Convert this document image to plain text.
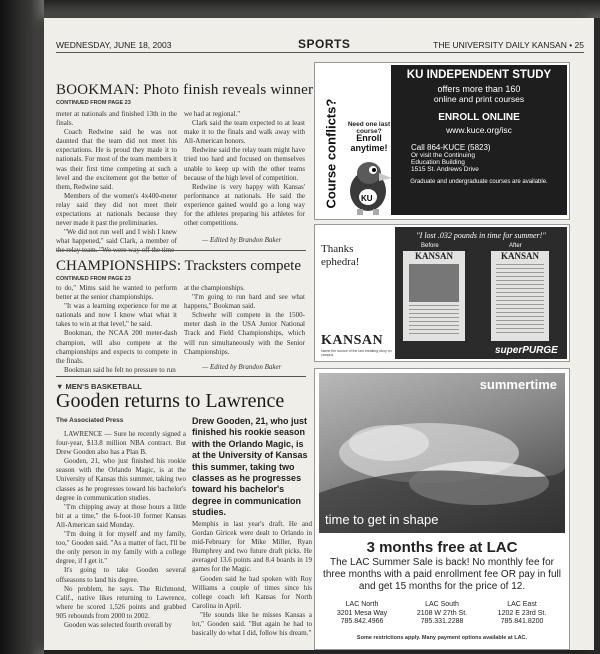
WEDNESDAY, JUNE 18, 2003	SPORTS	THE UNIVERSITY DAILY KANSAN • 25
BOOKMAN: Photo finish reveals winner
CONTINUED FROM PAGE 23

meter at nationals and finished 13th in the finals.

Coach Redwine said he was not daunted that the team did not meet his expectations. He is proud they made it to nationals. For most of the team members it was their first time competing at such a level and the excitement got the better of them, Redwine said.

Members of the women's 4x400-meter relay said they did not meet their expectations at nationals because they never made it past the preliminaries.

"We did not run well and I wish I knew what happened," said Clark, a member of

we had at regional."

Clark said the team expected to at least make it to the finals and walk away with All-American honors.

Redwine said the relay team might have tried too hard and focused on themselves unable to keep up with the other teams because of the high level of competition.

Redwine is very happy with Kansas' performance at nationals. He said the experience gained would go a long way for the athletes preparing his athletes for other competitions.

— Edited by Brandon Baker

CHAMPIONSHIPS: Tracksters compete
CONTINUED FROM PAGE 23

to do," Mims said he wanted to perform better at the senior championships.

"It was a learning experience for me at nationals and now I know what what it takes to win at that level," he said.

Bookman, the NCAA 200 meter-dash champion, will also compete at the championships and expects to compete in the finals.

Bookman said he felt no pressure to run

at the championships.

"I'm going to run hard and see what happens," Bookman said.

Schwehr will compete in the 1500-meter dash in the USA Junior National Track and Field Championships, which will run simultaneously with the Senior Championships.

— Edited by Brandon Baker

▼ MEN'S BASKETBALL
Gooden returns to Lawrence
The Associated Press

LAWRENCE — Sure he recently signed a four-year, $13.8 million NBA contract. But Drew Gooden also has a Plan B.

Gooden, 21, who just finished his rookie season with the Orlando Magic, is at the University of Kansas this summer, taking two classes as he progresses toward his bachelor's degree in communication studies.

"I'm chipping away at those hours a little bit at a time," the 6-foot-10 former Kansas All-American said Monday.

"I'm doing it for myself and my family, too," Gooden said. "As a matter of fact, I'll be the only person in my family with a college degree, if I get it."

It's going to take Gooden several offseasons to land his degree.

No problem, he says. The Richmond, Calif., native likes returning to Lawrence, where he scored 1,526 points and grabbed 905 rebounds from 2000 to 2002.

Gooden was selected fourth overall by

Drew Gooden, 21, who just finished his rookie season with the Orlando Magic, is at the University of Kansas this summer, taking two classes as he progresses toward his bachelor's degree in communication studies.

Memphis in last year's draft. He and Gordan Giricek were dealt to Orlando in mid-February for Mike Miller, Ryan Humphrey and two future draft picks. He averaged 13.6 points and 8.4 boards in 19 games for the Magic.

Gooden said he had spoken with Roy Williams a couple of times since his college coach left Kansas for North Carolina in April.

"He sounds like he misses Kansas a lot," Gooden said. "But again he had to basically do what I did, follow his dream."

Course conflicts?	Need one last course?
Enroll anytime!
KU
KU INDEPENDENT STUDY
offers more than 160
online and print courses
ENROLL ONLINE
www.kuce.org/isc
Call 864-KUCE (5823)
Or visit the Continuing
Education Building
1515 St. Andrews Drive
Graduate and undergraduate courses are available.
Thanks ephedra!
KANSAN
Name the source of the last breaking story on campus
"I lost .032 pounds in time for summer!"
Before	After
KANSAN	KANSAN
superPURGE
summertime
time to get in shape
3 months free at LAC
The LAC Summer Sale is back! No monthly fee for three months with a paid enrollment fee OR pay in full and get 15 months for the price of 12.
LAC North
3201 Mesa Way
785.842.4966
LAC South
2108 W 27th St.
785.331.2288
LAC East
1202 E 23rd St.
785.841.8200
Some restrictions apply. Many payment options available at LAC.
